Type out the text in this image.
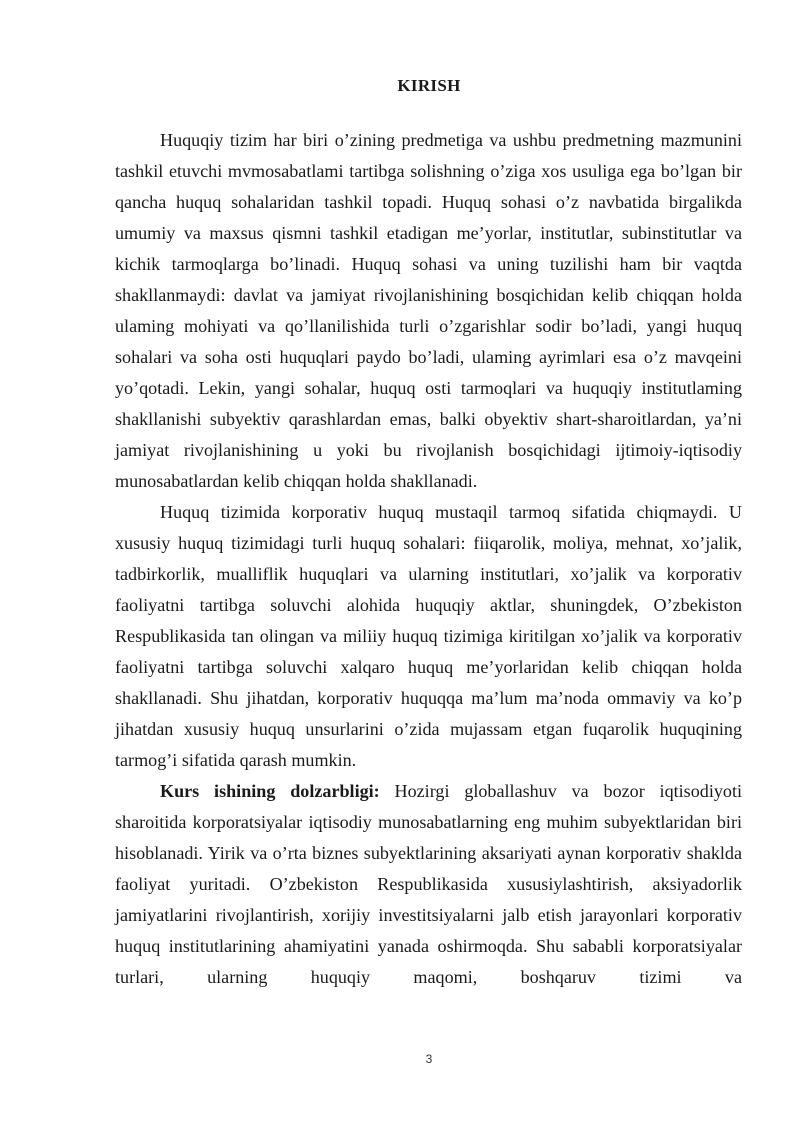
KIRISH

Huquqiy tizim har biri o’zining predmetiga va ushbu predmetning mazmunini tashkil etuvchi mvmosabatlami tartibga solishning o’ziga xos usuliga ega bo’lgan bir qancha huquq sohalaridan tashkil topadi. Huquq sohasi o’z navbatida birgalikda umumiy va maxsus qismni tashkil etadigan me’yorlar, institutlar, subinstitutlar va kichik tarmoqlarga bo’linadi. Huquq sohasi va uning tuzilishi ham bir vaqtda shakllanmaydi: davlat va jamiyat rivojlanishining bosqichidan kelib chiqqan holda ulaming mohiyati va qo’llanilishida turli o’zgarishlar sodir bo’ladi, yangi huquq sohalari va soha osti huquqlari paydo bo’ladi, ulaming ayrimlari esa o’z mavqeini yo’qotadi. Lekin, yangi sohalar, huquq osti tarmoqlari va huquqiy institutlaming shakllanishi subyektiv qarashlardan emas, balki obyektiv shart-sharoitlardan, ya’ni jamiyat rivojlanishining u yoki bu rivojlanish bosqichidagi ijtimoiy-iqtisodiy munosabatlardan kelib chiqqan holda shakllanadi.

Huquq tizimida korporativ huquq mustaqil tarmoq sifatida chiqmaydi. U xususiy huquq tizimidagi turli huquq sohalari: fiiqarolik, moliya, mehnat, xo’jalik, tadbirkorlik, mualliflik huquqlari va ularning institutlari, xo’jalik va korporativ faoliyatni tartibga soluvchi alohida huquqiy aktlar, shuningdek, O’zbekiston Respublikasida tan olingan va miliiy huquq tizimiga kiritilgan xo’jalik va korporativ faoliyatni tartibga soluvchi xalqaro huquq me’yorlaridan kelib chiqqan holda shakllanadi. Shu jihatdan, korporativ huquqqa ma’lum ma’noda ommaviy va ko’p jihatdan xususiy huquq unsurlarini o’zida mujassam etgan fuqarolik huquqining tarmog’i sifatida qarash mumkin.

Kurs ishining dolzarbligi: Hozirgi globallashuv va bozor iqtisodiyoti sharoitida korporatsiyalar iqtisodiy munosabatlarning eng muhim subyektlaridan biri hisoblanadi. Yirik va o’rta biznes subyektlarining aksariyati aynan korporativ shaklda faoliyat yuritadi. O’zbekiston Respublikasida xususiylashtirish, aksiyadorlik jamiyatlarini rivojlantirish, xorijiy investitsiyalarni jalb etish jarayonlari korporativ huquq institutlarining ahamiyatini yanada oshirmoqda. Shu sababli korporatsiyalar turlari, ularning huquqiy maqomi, boshqaruv tizimi va

3
